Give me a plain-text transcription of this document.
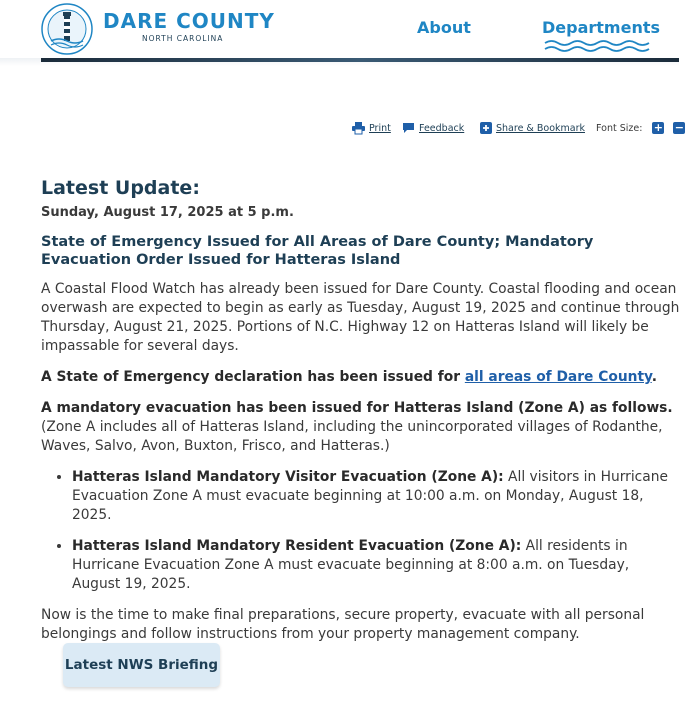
DARE COUNTY
NORTH CAROLINA
About	Departments
Print	Feedback	Share & Bookmark Font Size: + −
Latest Update:
Sunday, August 17, 2025 at 5 p.m.
State of Emergency Issued for All Areas of Dare County; Mandatory Evacuation Order Issued for Hatteras Island

A Coastal Flood Watch has already been issued for Dare County. Coastal flooding and ocean overwash are expected to begin as early as Tuesday, August 19, 2025 and continue through Thursday, August 21, 2025. Portions of N.C. Highway 12 on Hatteras Island will likely be impassable for several days.

A State of Emergency declaration has been issued for all areas of Dare County.

A mandatory evacuation has been issued for Hatteras Island (Zone A) as follows. (Zone A includes all of Hatteras Island, including the unincorporated villages of Rodanthe, Waves, Salvo, Avon, Buxton, Frisco, and Hatteras.)

• Hatteras Island Mandatory Visitor Evacuation (Zone A): All visitors in Hurricane Evacuation Zone A must evacuate beginning at 10:00 a.m. on Monday, August 18, 2025.
• Hatteras Island Mandatory Resident Evacuation (Zone A): All residents in Hurricane Evacuation Zone A must evacuate beginning at 8:00 a.m. on Tuesday, August 19, 2025.

Now is the time to make final preparations, secure property, evacuate with all personal belongings and follow instructions from your property management company.

Latest NWS Briefing
